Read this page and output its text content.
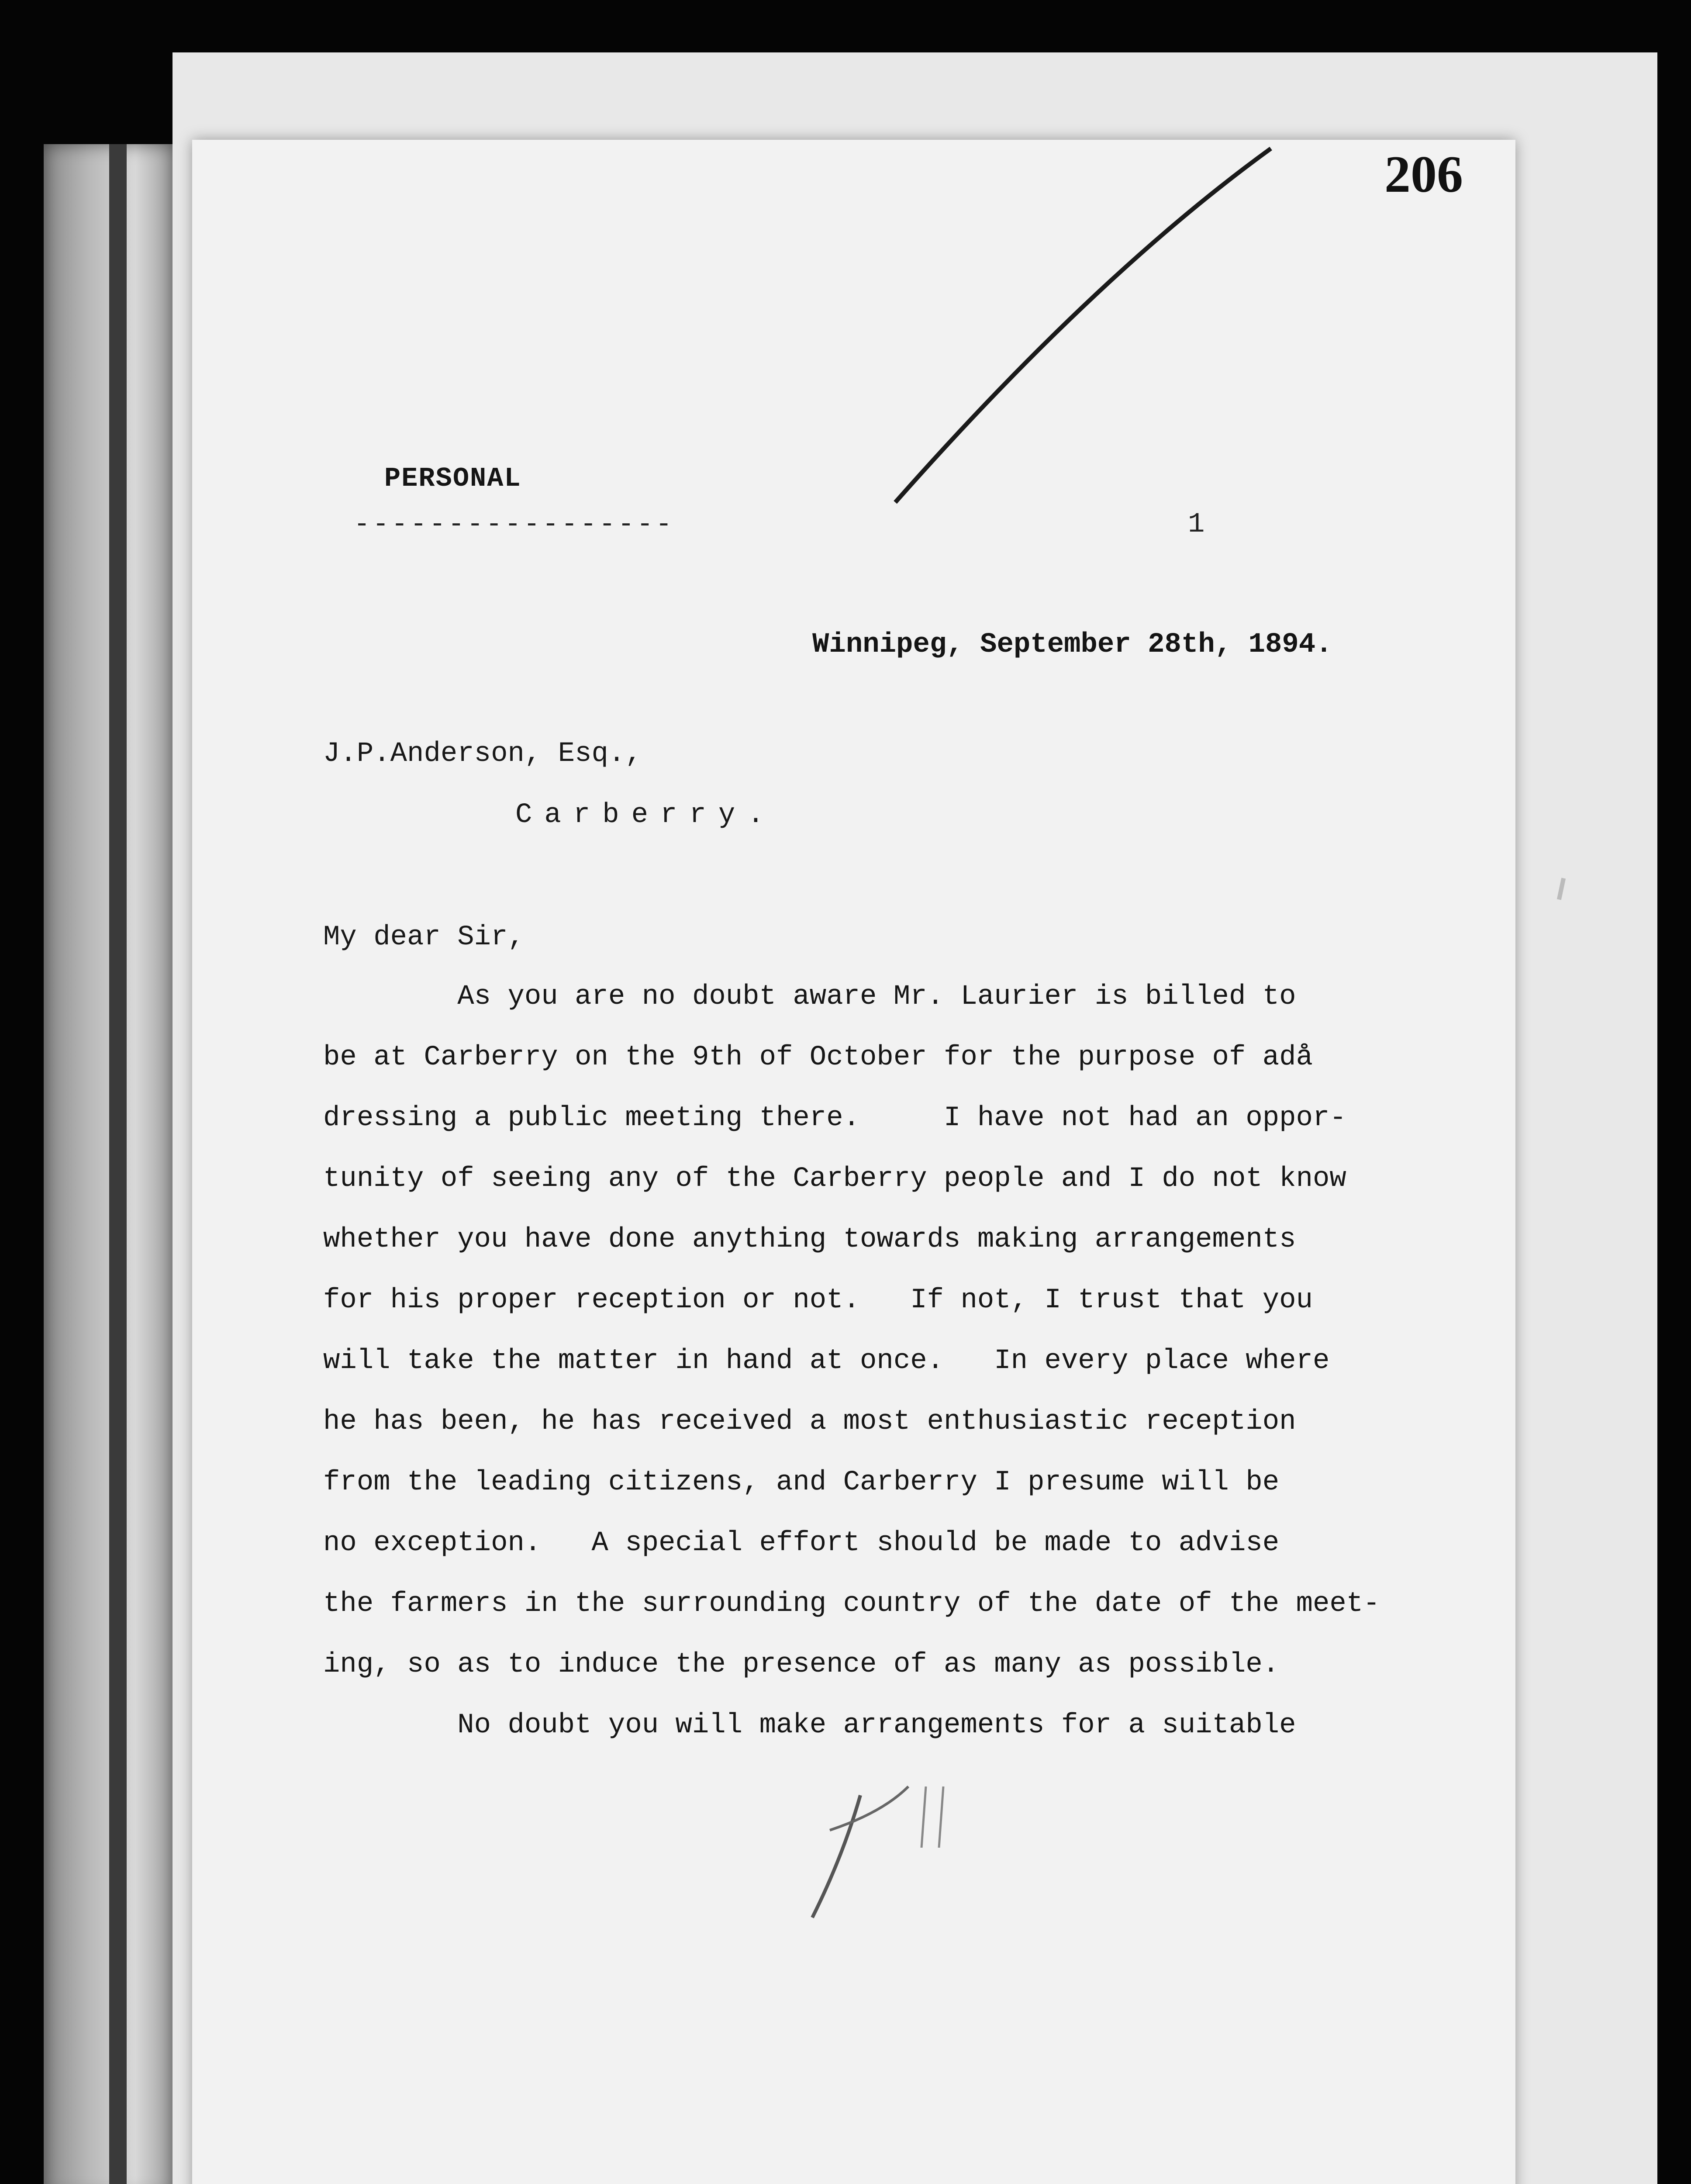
206
PERSONAL
-----------------	1
Winnipeg, September 28th, 1894.
J.P.Anderson, Esq.,
Carberry.
My dear Sir,
As you are no doubt aware Mr. Laurier is billed to
be at Carberry on the 9th of October for the purpose of adå
dressing a public meeting there.     I have not had an oppor-
tunity of seeing any of the Carberry people and I do not know
whether you have done anything towards making arrangements
for his proper reception or not.   If not, I trust that you
will take the matter in hand at once.   In every place where
he has been, he has received a most enthusiastic reception
from the leading citizens, and Carberry I presume will be
no exception.   A special effort should be made to advise
the farmers in the surrounding country of the date of the meet-
ing, so as to induce the presence of as many as possible.
No doubt you will make arrangements for a suitable
